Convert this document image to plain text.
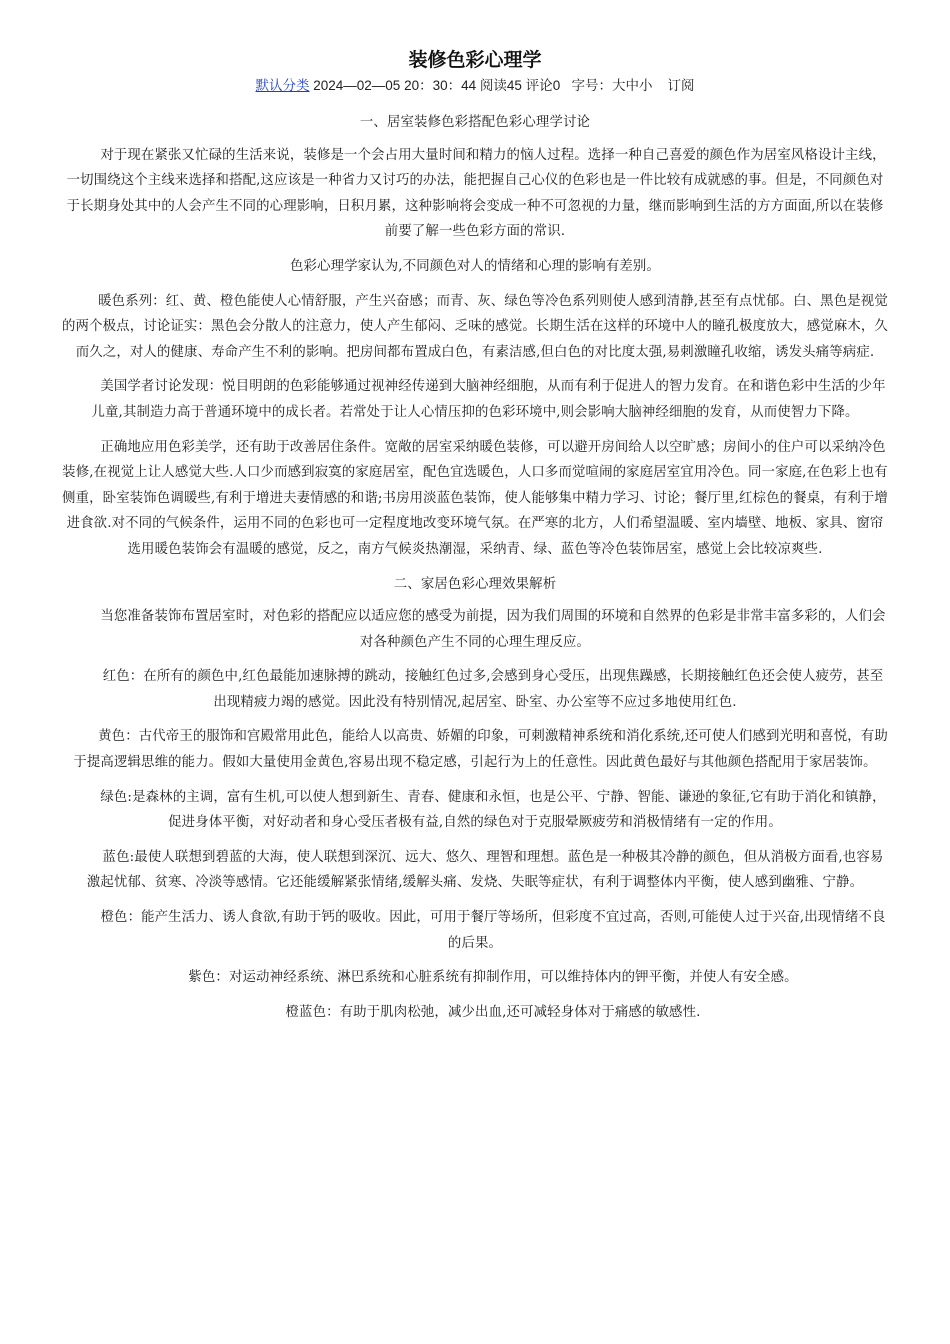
装修色彩心理学
默认分类 2024—02—05 20：30：44 阅读45 评论0   字号：大中小    订阅

一、居室装修色彩搭配色彩心理学讨论

对于现在紧张又忙碌的生活来说，装修是一个会占用大量时间和精力的恼人过程。选择一种自己喜爱的颜色作为居室风格设计主线，一切围绕这个主线来选择和搭配,这应该是一种省力又讨巧的办法，能把握自己心仪的色彩也是一件比较有成就感的事。但是，不同颜色对于长期身处其中的人会产生不同的心理影响，日积月累，这种影响将会变成一种不可忽视的力量，继而影响到生活的方方面面,所以在装修前要了解一些色彩方面的常识.

色彩心理学家认为,不同颜色对人的情绪和心理的影响有差别。

暖色系列：红、黄、橙色能使人心情舒服，产生兴奋感；而青、灰、绿色等冷色系列则使人感到清静,甚至有点忧郁。白、黑色是视觉的两个极点，讨论证实：黑色会分散人的注意力，使人产生郁闷、乏味的感觉。长期生活在这样的环境中人的瞳孔极度放大，感觉麻木，久而久之，对人的健康、寿命产生不利的影响。把房间都布置成白色，有素洁感,但白色的对比度太强,易刺激瞳孔收缩，诱发头痛等病症.

美国学者讨论发现：悦目明朗的色彩能够通过视神经传递到大脑神经细胞，从而有利于促进人的智力发育。在和谐色彩中生活的少年儿童,其制造力高于普通环境中的成长者。若常处于让人心情压抑的色彩环境中,则会影响大脑神经细胞的发育，从而使智力下降。

正确地应用色彩美学，还有助于改善居住条件。宽敞的居室采纳暖色装修，可以避开房间给人以空旷感；房间小的住户可以采纳冷色装修,在视觉上让人感觉大些.人口少而感到寂寞的家庭居室，配色宜选暖色，人口多而觉喧闹的家庭居室宜用冷色。同一家庭,在色彩上也有侧重，卧室装饰色调暖些,有利于增进夫妻情感的和谐;书房用淡蓝色装饰，使人能够集中精力学习、讨论；餐厅里,红棕色的餐桌，有利于增进食欲.对不同的气候条件，运用不同的色彩也可一定程度地改变环境气氛。在严寒的北方，人们希望温暖、室内墙壁、地板、家具、窗帘选用暖色装饰会有温暖的感觉，反之，南方气候炎热潮湿，采纳青、绿、蓝色等冷色装饰居室，感觉上会比较凉爽些.

二、家居色彩心理效果解析

当您准备装饰布置居室时，对色彩的搭配应以适应您的感受为前提，因为我们周围的环境和自然界的色彩是非常丰富多彩的，人们会对各种颜色产生不同的心理生理反应。

红色：在所有的颜色中,红色最能加速脉搏的跳动，接触红色过多,会感到身心受压，出现焦躁感，长期接触红色还会使人疲劳，甚至出现精疲力竭的感觉。因此没有特别情况,起居室、卧室、办公室等不应过多地使用红色.

黄色：古代帝王的服饰和宫殿常用此色，能给人以高贵、娇媚的印象，可刺激精神系统和消化系统,还可使人们感到光明和喜悦，有助于提高逻辑思维的能力。假如大量使用金黄色,容易出现不稳定感，引起行为上的任意性。因此黄色最好与其他颜色搭配用于家居装饰。

绿色:是森林的主调，富有生机,可以使人想到新生、青春、健康和永恒，也是公平、宁静、智能、谦逊的象征,它有助于消化和镇静，促进身体平衡，对好动者和身心受压者极有益,自然的绿色对于克服晕厥疲劳和消极情绪有一定的作用。

蓝色:最使人联想到碧蓝的大海，使人联想到深沉、远大、悠久、理智和理想。蓝色是一种极其冷静的颜色，但从消极方面看,也容易激起忧郁、贫寒、冷淡等感情。它还能缓解紧张情绪,缓解头痛、发烧、失眠等症状，有利于调整体内平衡，使人感到幽雅、宁静。

橙色：能产生活力、诱人食欲,有助于钙的吸收。因此，可用于餐厅等场所，但彩度不宜过高，否则,可能使人过于兴奋,出现情绪不良的后果。

紫色：对运动神经系统、淋巴系统和心脏系统有抑制作用，可以维持体内的钾平衡，并使人有安全感。

橙蓝色：有助于肌肉松弛，减少出血,还可减轻身体对于痛感的敏感性.
